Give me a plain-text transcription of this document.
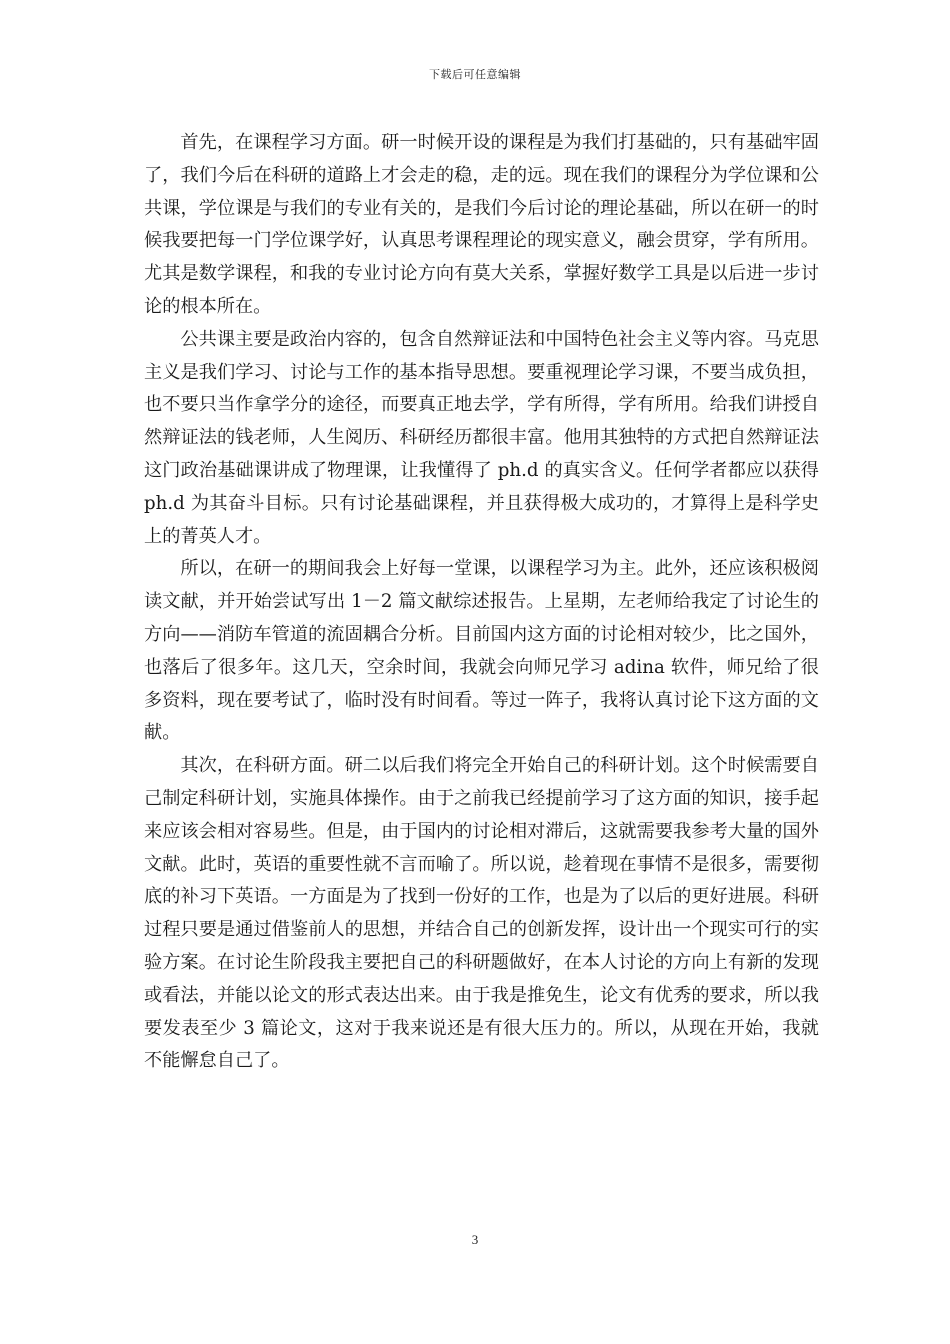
下载后可任意编辑

首先，在课程学习方面。研一时候开设的课程是为我们打基础的，只有基础牢固了，我们今后在科研的道路上才会走的稳，走的远。现在我们的课程分为学位课和公共课，学位课是与我们的专业有关的，是我们今后讨论的理论基础，所以在研一的时候我要把每一门学位课学好，认真思考课程理论的现实意义，融会贯穿，学有所用。尤其是数学课程，和我的专业讨论方向有莫大关系，掌握好数学工具是以后进一步讨论的根本所在。

公共课主要是政治内容的，包含自然辩证法和中国特色社会主义等内容。马克思主义是我们学习、讨论与工作的基本指导思想。要重视理论学习课，不要当成负担，也不要只当作拿学分的途径，而要真正地去学，学有所得，学有所用。给我们讲授自然辩证法的钱老师，人生阅历、科研经历都很丰富。他用其独特的方式把自然辩证法这门政治基础课讲成了物理课，让我懂得了 ph.d 的真实含义。任何学者都应以获得 ph.d 为其奋斗目标。只有讨论基础课程，并且获得极大成功的，才算得上是科学史上的菁英人才。

所以，在研一的期间我会上好每一堂课，以课程学习为主。此外，还应该积极阅读文献，并开始尝试写出 1－2 篇文献综述报告。上星期，左老师给我定了讨论生的方向——消防车管道的流固耦合分析。目前国内这方面的讨论相对较少，比之国外，也落后了很多年。这几天，空余时间，我就会向师兄学习 adina 软件，师兄给了很多资料，现在要考试了，临时没有时间看。等过一阵子，我将认真讨论下这方面的文献。

其次，在科研方面。研二以后我们将完全开始自己的科研计划。这个时候需要自己制定科研计划，实施具体操作。由于之前我已经提前学习了这方面的知识，接手起来应该会相对容易些。但是，由于国内的讨论相对滞后，这就需要我参考大量的国外文献。此时，英语的重要性就不言而喻了。所以说，趁着现在事情不是很多，需要彻底的补习下英语。一方面是为了找到一份好的工作，也是为了以后的更好进展。科研过程只要是通过借鉴前人的思想，并结合自己的创新发挥，设计出一个现实可行的实验方案。在讨论生阶段我主要把自己的科研题做好，在本人讨论的方向上有新的发现或看法，并能以论文的形式表达出来。由于我是推免生，论文有优秀的要求，所以我要发表至少 3 篇论文，这对于我来说还是有很大压力的。所以，从现在开始，我就不能懈怠自己了。

3
